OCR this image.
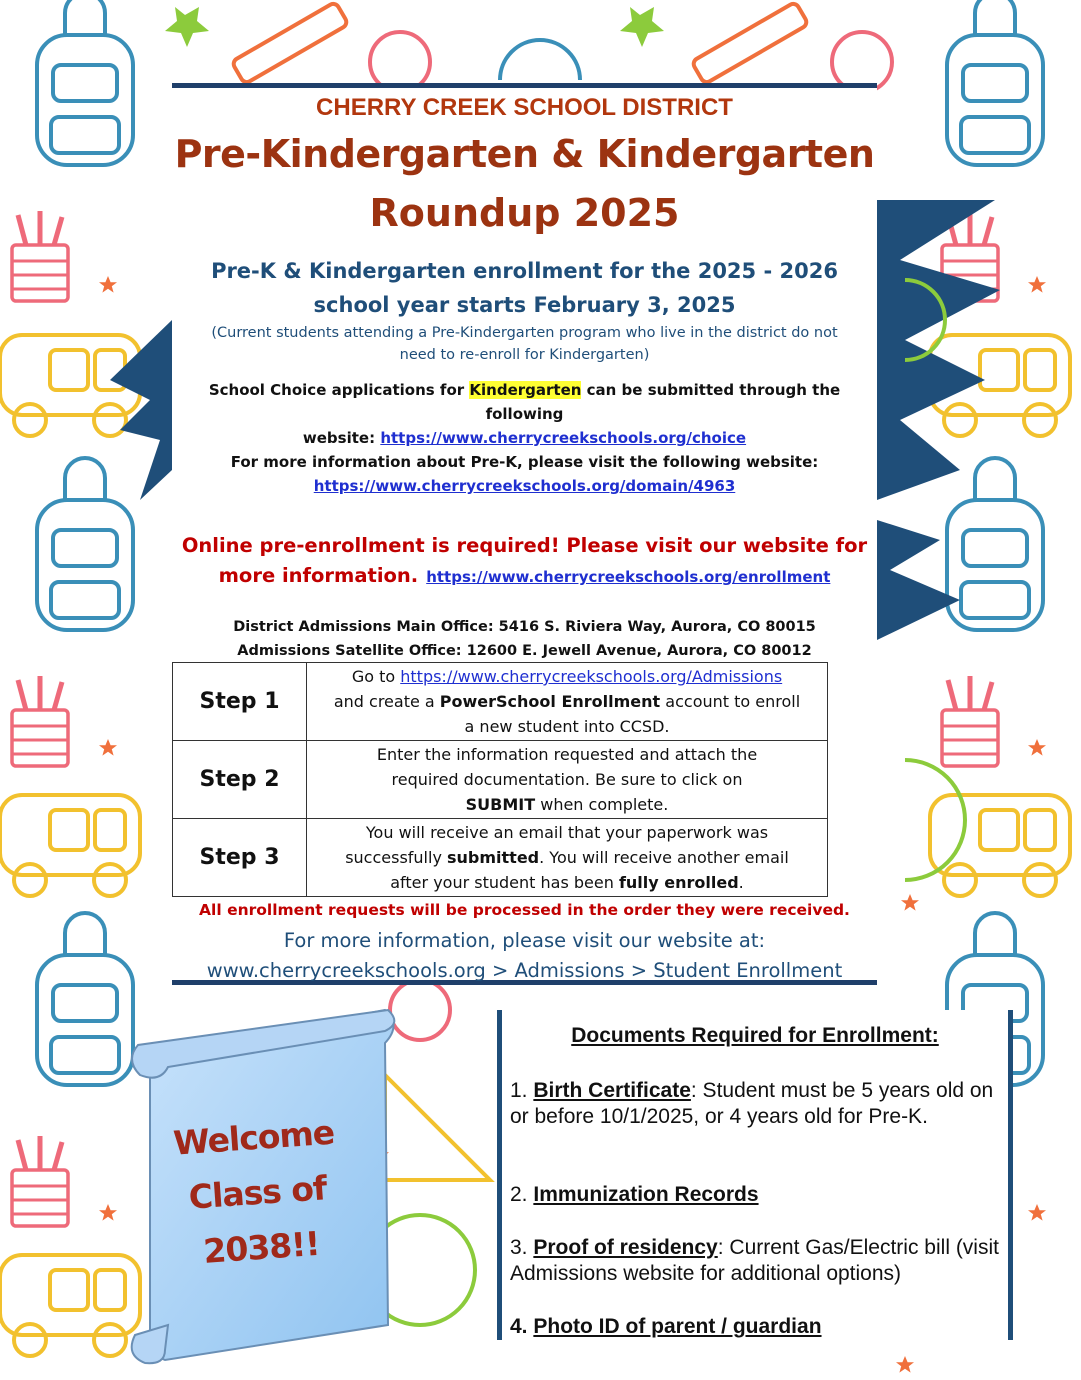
CHERRY CREEK SCHOOL DISTRICT
Pre-Kindergarten & Kindergarten
Roundup 2025
Pre-K & Kindergarten enrollment for the 2025 - 2026
school year starts February 3, 2025
(Current students attending a Pre-Kindergarten program who live in the district do not
need to re-enroll for Kindergarten)
School Choice applications for Kindergarten can be submitted through the following
website: https://www.cherrycreekschools.org/choice
For more information about Pre-K, please visit the following website:
https://www.cherrycreekschools.org/domain/4963
Online pre-enrollment is required! Please visit our website for
more information. https://www.cherrycreekschools.org/enrollment
District Admissions Main Office: 5416 S. Riviera Way, Aurora, CO 80015
Admissions Satellite Office: 12600 E. Jewell Avenue, Aurora, CO 80012
Step 1	Go to https://www.cherrycreekschools.org/Admissions
and create a PowerSchool Enrollment account to enroll
a new student into CCSD.

Step 2	Enter the information requested and attach the
required documentation. Be sure to click on
SUBMIT when complete.

Step 3	You will receive an email that your paperwork was
successfully submitted. You will receive another email
after your student has been fully enrolled.
All enrollment requests will be processed in the order they were received.
For more information, please visit our website at:
www.cherrycreekschools.org > Admissions > Student Enrollment
Welcome
Class of
2038!!
Documents Required for Enrollment:
1. Birth Certificate: Student must be 5 years old on or before 10/1/2025, or 4 years old for Pre-K.
2. Immunization Records
3. Proof of residency: Current Gas/Electric bill (visit Admissions website for additional options)
4. Photo ID of parent / guardian
